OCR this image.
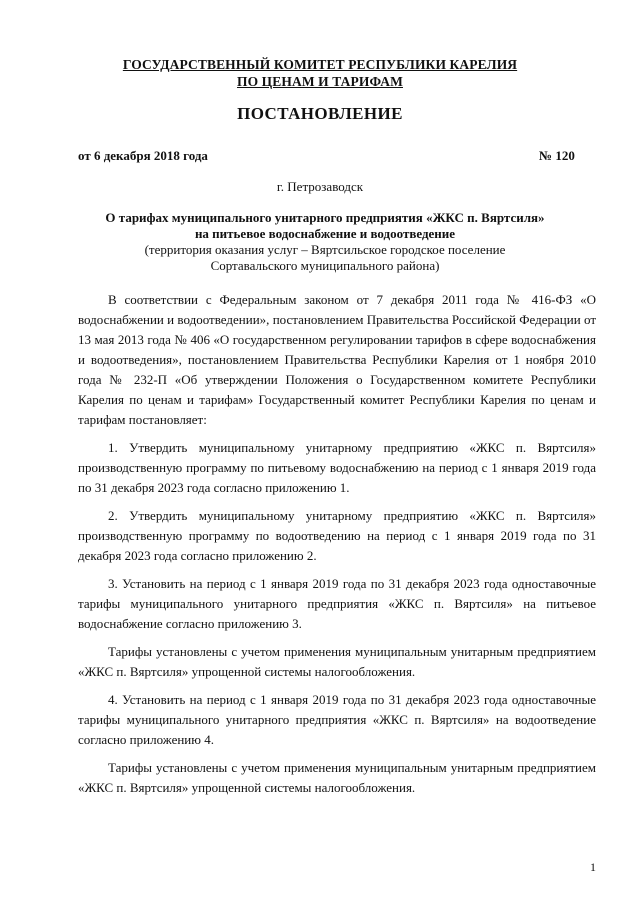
ГОСУДАРСТВЕННЫЙ КОМИТЕТ РЕСПУБЛИКИ КАРЕЛИЯ
ПО ЦЕНАМ И ТАРИФАМ
ПОСТАНОВЛЕНИЕ
от 6 декабря 2018 года	№ 120
г. Петрозаводск
О тарифах муниципального унитарного предприятия «ЖКС п. Вяртсиля»
на питьевое водоснабжение и водоотведение
(территория оказания услуг – Вяртсильское городское поселение
Сортавальского муниципального района)

В соответствии с Федеральным законом от 7 декабря 2011 года № 416-ФЗ «О водоснабжении и водоотведении», постановлением Правительства Российской Федерации от 13 мая 2013 года № 406 «О государственном регулировании тарифов в сфере водоснабжения и водоотведения», постановлением Правительства Республики Карелия от 1 ноября 2010 года № 232-П «Об утверждении Положения о Государственном комитете Республики Карелия по ценам и тарифам» Государственный комитет Республики Карелия по ценам и тарифам постановляет:

1. Утвердить муниципальному унитарному предприятию «ЖКС п. Вяртсиля» производственную программу по питьевому водоснабжению на период с 1 января 2019 года по 31 декабря 2023 года согласно приложению 1.

2. Утвердить муниципальному унитарному предприятию «ЖКС п. Вяртсиля» производственную программу по водоотведению на период с 1 января 2019 года по 31 декабря 2023 года согласно приложению 2.

3. Установить на период с 1 января 2019 года по 31 декабря 2023 года одноставочные тарифы муниципального унитарного предприятия «ЖКС п. Вяртсиля» на питьевое водоснабжение согласно приложению 3.

Тарифы установлены с учетом применения муниципальным унитарным предприятием «ЖКС п. Вяртсиля» упрощенной системы налогообложения.

4. Установить на период с 1 января 2019 года по 31 декабря 2023 года одноставочные тарифы муниципального унитарного предприятия «ЖКС п. Вяртсиля» на водоотведение согласно приложению 4.

Тарифы установлены с учетом применения муниципальным унитарным предприятием «ЖКС п. Вяртсиля» упрощенной системы налогообложения.

1
